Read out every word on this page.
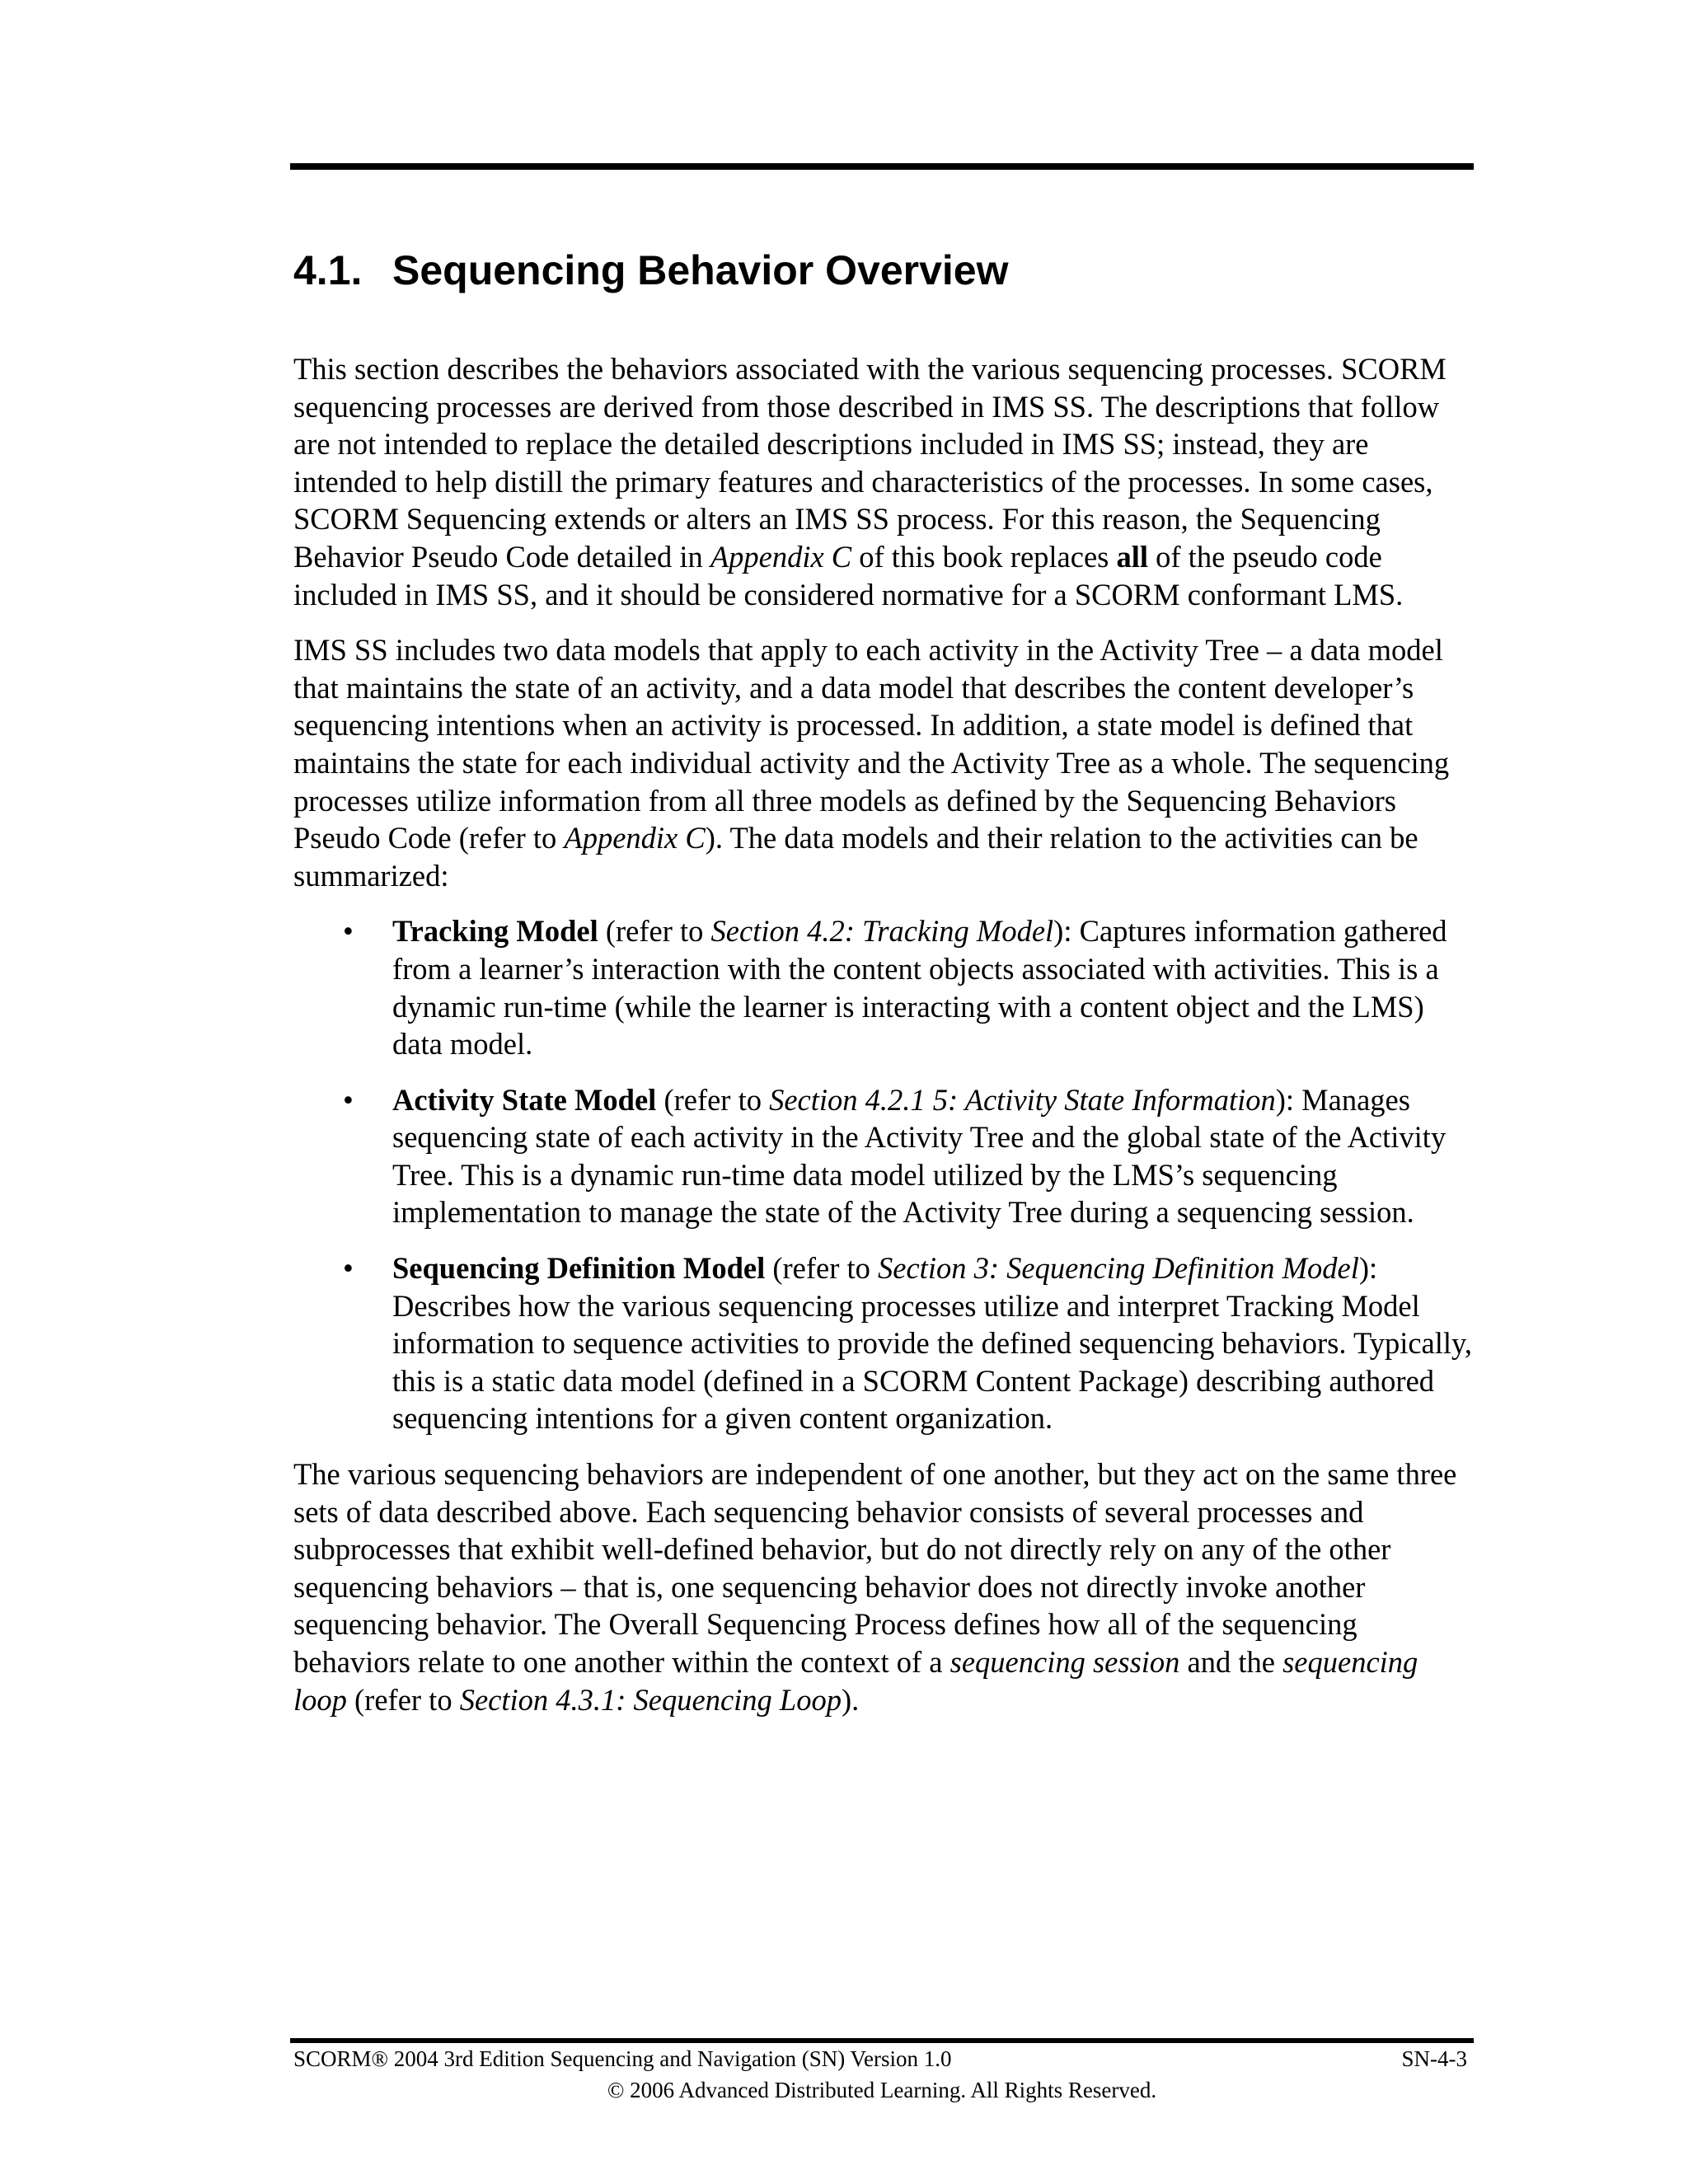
4.1. Sequencing Behavior Overview

This section describes the behaviors associated with the various sequencing processes. SCORM sequencing processes are derived from those described in IMS SS. The descriptions that follow are not intended to replace the detailed descriptions included in IMS SS; instead, they are intended to help distill the primary features and characteristics of the processes. In some cases, SCORM Sequencing extends or alters an IMS SS process. For this reason, the Sequencing Behavior Pseudo Code detailed in Appendix C of this book replaces all of the pseudo code included in IMS SS, and it should be considered normative for a SCORM conformant LMS.

IMS SS includes two data models that apply to each activity in the Activity Tree – a data model that maintains the state of an activity, and a data model that describes the content developer’s sequencing intentions when an activity is processed. In addition, a state model is defined that maintains the state for each individual activity and the Activity Tree as a whole. The sequencing processes utilize information from all three models as defined by the Sequencing Behaviors Pseudo Code (refer to Appendix C). The data models and their relation to the activities can be summarized:

• Tracking Model (refer to Section 4.2: Tracking Model): Captures information gathered from a learner’s interaction with the content objects associated with activities. This is a dynamic run-time (while the learner is interacting with a content object and the LMS) data model.
• Activity State Model (refer to Section 4.2.1 5: Activity State Information): Manages sequencing state of each activity in the Activity Tree and the global state of the Activity Tree. This is a dynamic run-time data model utilized by the LMS’s sequencing implementation to manage the state of the Activity Tree during a sequencing session.
• Sequencing Definition Model (refer to Section 3: Sequencing Definition Model): Describes how the various sequencing processes utilize and interpret Tracking Model information to sequence activities to provide the defined sequencing behaviors. Typically, this is a static data model (defined in a SCORM Content Package) describing authored sequencing intentions for a given content organization.

The various sequencing behaviors are independent of one another, but they act on the same three sets of data described above. Each sequencing behavior consists of several processes and subprocesses that exhibit well-defined behavior, but do not directly rely on any of the other sequencing behaviors – that is, one sequencing behavior does not directly invoke another sequencing behavior. The Overall Sequencing Process defines how all of the sequencing behaviors relate to one another within the context of a sequencing session and the sequencing loop (refer to Section 4.3.1: Sequencing Loop).

SCORM® 2004 3rd Edition Sequencing and Navigation (SN) Version 1.0	SN-4-3
© 2006 Advanced Distributed Learning. All Rights Reserved.
